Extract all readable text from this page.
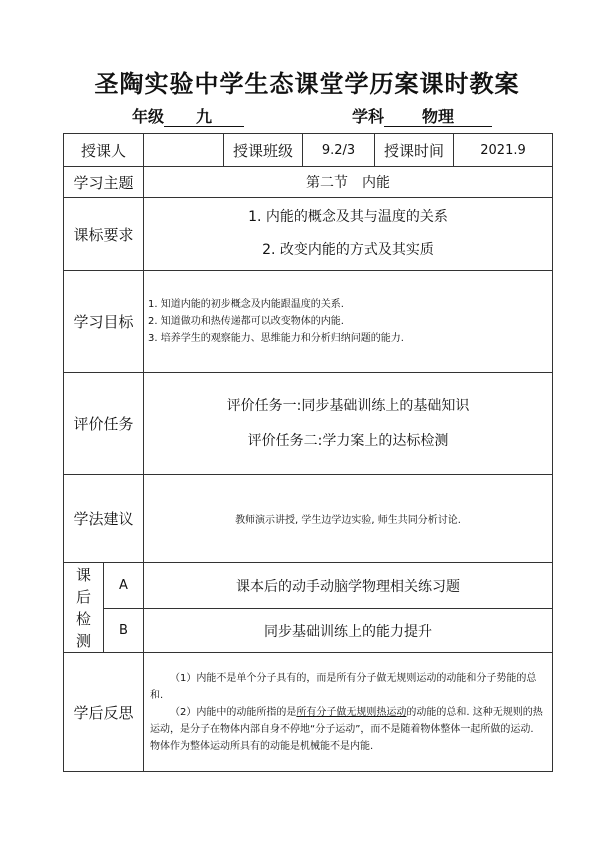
圣陶实验中学生态课堂学历案课时教案
年级 九	学科 物理
授课人			授课班级	9.2/3	授课时间	2021.9
学习主题		第二节　内能				
课标要求		1. 内能的概念及其与温度的关系
2. 改变内能的方式及其实质				

学习目标		1. 知道内能的初步概念及内能跟温度的关系.
2. 知道做功和热传递都可以改变物体的内能.
3. 培养学生的观察能力、思维能力和分析归纳问题的能力.				

评价任务		评价任务一:同步基础训练上的基础知识
评价任务二:学力案上的达标检测				

学法建议		教师演示讲授, 学生边学边实验, 师生共同分析讨论.				

课
后
检
测	A	课本后的动手动脑学物理相关练习题				
	B	同步基础训练上的能力提升				
学后反思		（1）内能不是单个分子具有的，而是所有分子做无规则运动的动能和分子势能的总和.

（2）内能中的动能所指的是所有分子做无规则热运动的动能的总和. 这种无规则的热运动，是分子在物体内部自身不停地“分子运动”，而不是随着物体整体一起所做的运动. 物体作为整体运动所具有的动能是机械能不是内能.				
